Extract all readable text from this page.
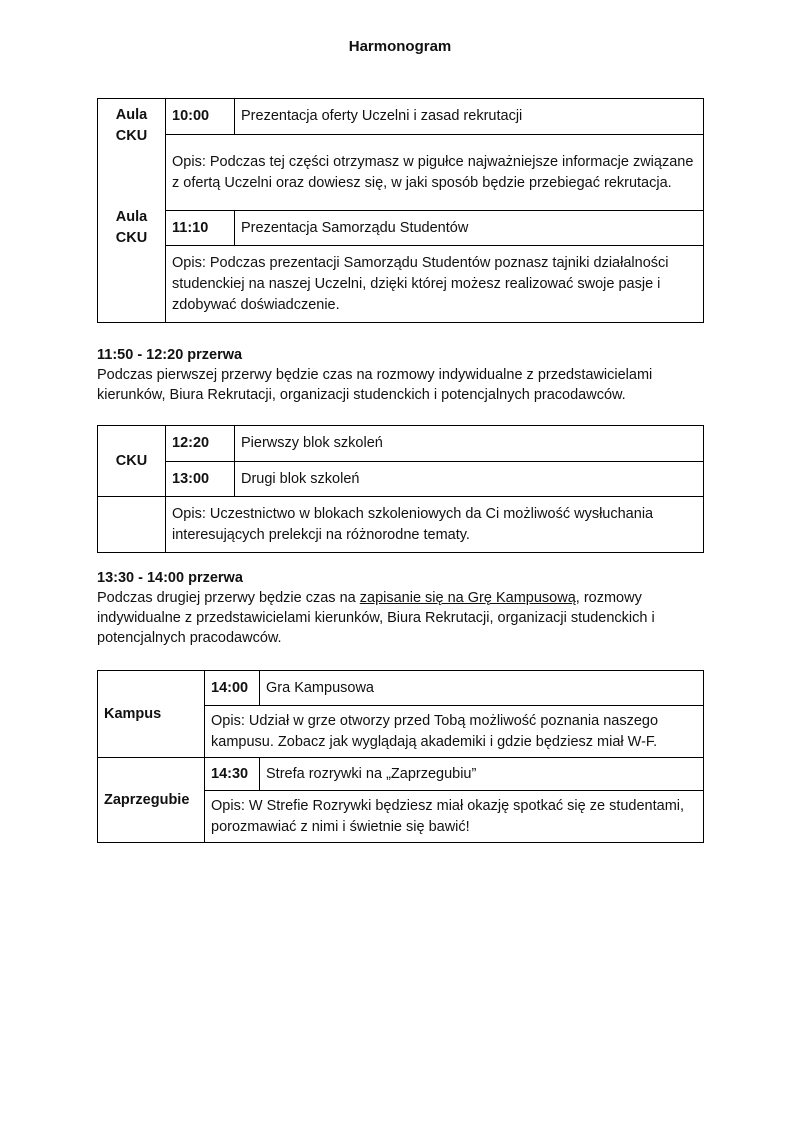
Harmonogram
Aula CKU
Aula CKU	10:00	Prezentacja oferty Uczelni i zasad rekrutacji
	Opis: Podczas tej części otrzymasz w pigułce najważniejsze informacje związane z ofertą Uczelni oraz dowiesz się, w jaki sposób będzie przebiegać rekrutacja.	
	11:10	Prezentacja Samorządu Studentów
	Opis: Podczas prezentacji Samorządu Studentów poznasz tajniki działalności studenckiej na naszej Uczelni, dzięki której możesz realizować swoje pasje i zdobywać doświadczenie.	
11:50 - 12:20 przerwa
Podczas pierwszej przerwy będzie czas na rozmowy indywidualne z przedstawicielami kierunków, Biura Rekrutacji, organizacji studenckich i potencjalnych pracodawców.
CKU	12:20	Pierwszy blok szkoleń
	13:00	Drugi blok szkoleń
	Opis: Uczestnictwo w blokach szkoleniowych da Ci możliwość wysłuchania interesujących prelekcji na różnorodne tematy.	
13:30 - 14:00 przerwa
Podczas drugiej przerwy będzie czas na zapisanie się na Grę Kampusową, rozmowy indywidualne z przedstawicielami kierunków, Biura Rekrutacji, organizacji studenckich i potencjalnych pracodawców.
Kampus	14:00	Gra Kampusowa
	Opis: Udział w grze otworzy przed Tobą możliwość poznania naszego kampusu. Zobacz jak wyglądają akademiki i gdzie będziesz miał W-F.	
Zaprzegubie	14:30	Strefa rozrywki na „Zaprzegubiu”
	Opis: W Strefie Rozrywki będziesz miał okazję spotkać się ze studentami, porozmawiać z nimi i świetnie się bawić!	
